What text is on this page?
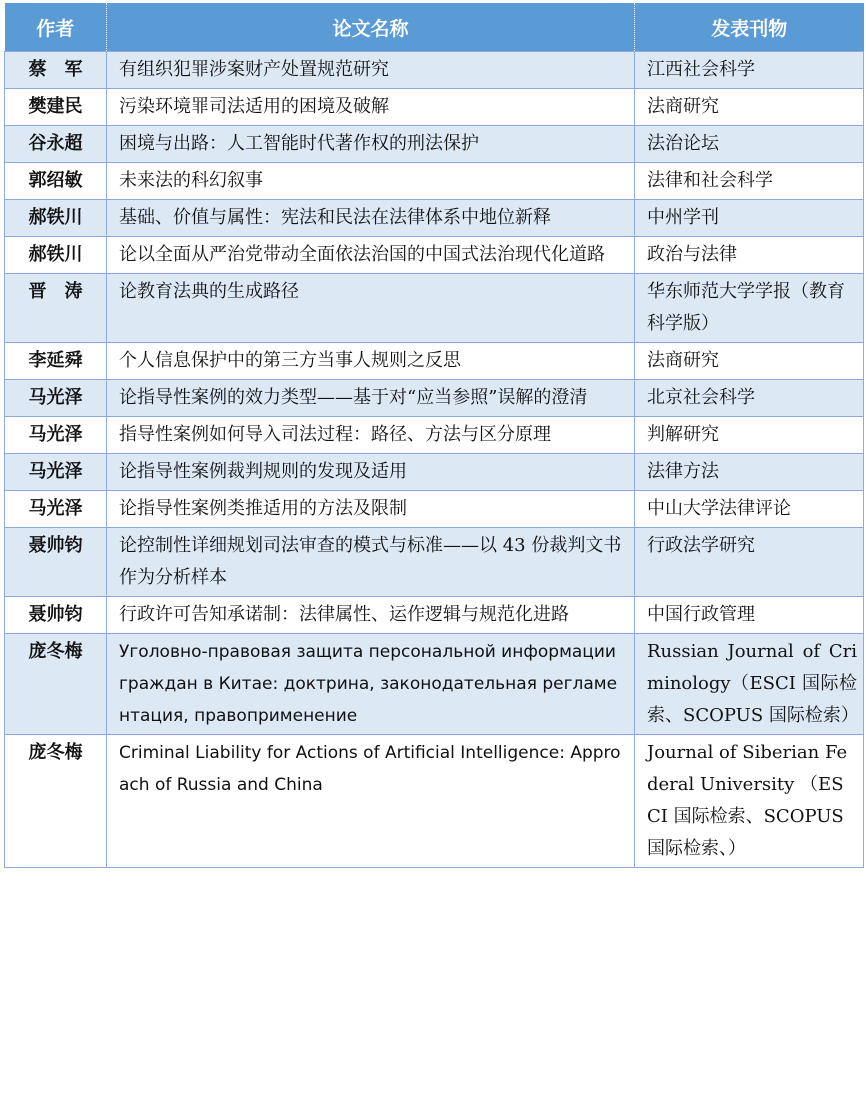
作者	论文名称	发表刊物
蔡　军	有组织犯罪涉案财产处置规范研究	江西社会科学
樊建民	污染环境罪司法适用的困境及破解	法商研究
谷永超	困境与出路：人工智能时代著作权的刑法保护	法治论坛
郭绍敏	未来法的科幻叙事	法律和社会科学
郝铁川	基础、价值与属性：宪法和民法在法律体系中地位新释	中州学刊
郝铁川	论以全面从严治党带动全面依法治国的中国式法治现代化道路	政治与法律
晋　涛	论教育法典的生成路径	华东师范大学学报（教育科学版）
李延舜	个人信息保护中的第三方当事人规则之反思	法商研究
马光泽	论指导性案例的效力类型——基于对“应当参照”误解的澄清	北京社会科学
马光泽	指导性案例如何导入司法过程：路径、方法与区分原理	判解研究
马光泽	论指导性案例裁判规则的发现及适用	法律方法
马光泽	论指导性案例类推适用的方法及限制	中山大学法律评论
聂帅钧	论控制性详细规划司法审查的模式与标准——以 43 份裁判文书作为分析样本	行政法学研究
聂帅钧	行政许可告知承诺制：法律属性、运作逻辑与规范化进路	中国行政管理
庞冬梅	Уголовно-правовая защита персональной информации граждан в Китае: доктрина, законодательная регламентация, правоприменение	Russian Journal of Criminology（ESCI 国际检索、SCOPUS 国际检索）
庞冬梅	Criminal Liability for Actions of Artificial Intelligence: Approach of Russia and China	Journal of Siberian Federal University （ESCI 国际检索、SCOPUS 国际检索、）
